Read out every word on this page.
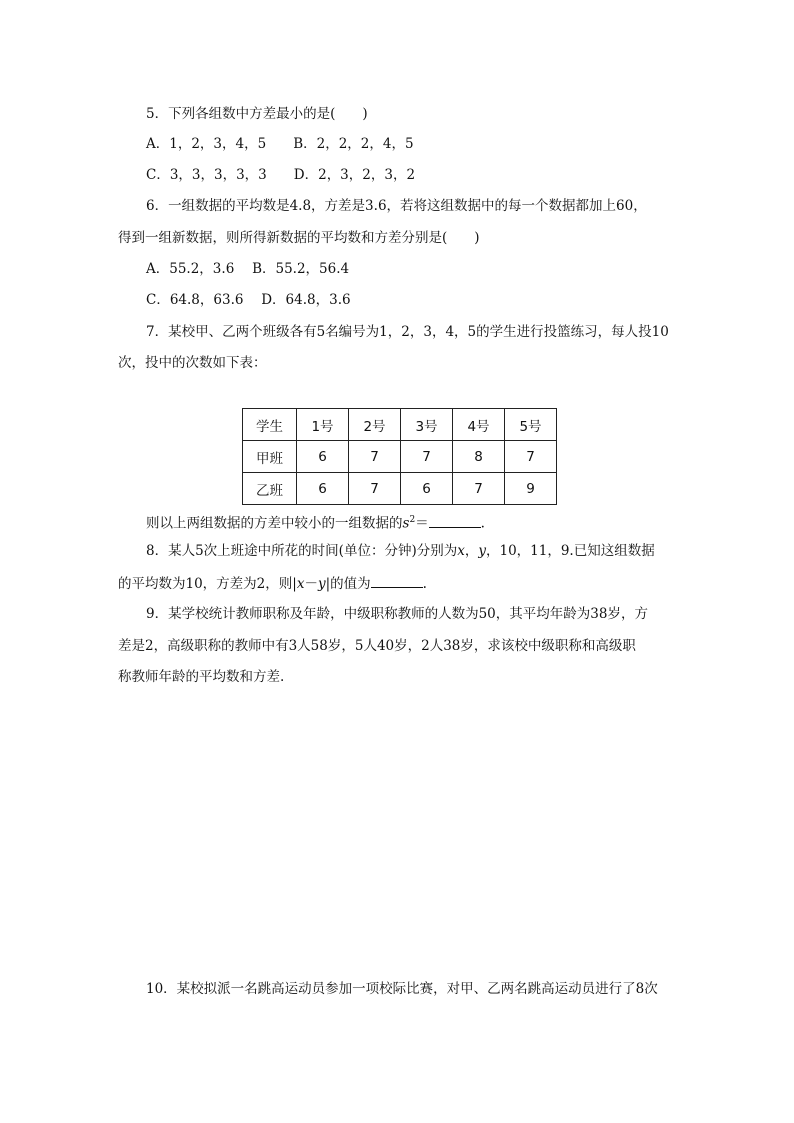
5．下列各组数中方差最小的是(　　)
A．1，2，3，4，5　　B．2，2，2，4，5
C．3，3，3，3，3　　D．2，3，2，3，2
6．一组数据的平均数是4.8，方差是3.6，若将这组数据中的每一个数据都加上60，
得到一组新数据，则所得新数据的平均数和方差分别是(　　)
A．55.2，3.6　 B．55.2，56.4
C．64.8，63.6　 D．64.8，3.6
7．某校甲、乙两个班级各有5名编号为1，2，3，4，5的学生进行投篮练习，每人投10
次，投中的次数如下表：
学生	1号	2号	3号	4号	5号
甲班	6	7	7	8	7
乙班	6	7	6	7	9
则以上两组数据的方差中较小的一组数据的$s^2=$	.
8．某人5次上班途中所花的时间(单位：分钟)分别为x，y，10，11，9.已知这组数据
的平均数为10，方差为2，则|x－y|的值为	.
9．某学校统计教师职称及年龄，中级职称教师的人数为50，其平均年龄为38岁，方
差是2，高级职称的教师中有3人58岁，5人40岁，2人38岁，求该校中级职称和高级职
称教师年龄的平均数和方差.
10．某校拟派一名跳高运动员参加一项校际比赛，对甲、乙两名跳高运动员进行了8次
